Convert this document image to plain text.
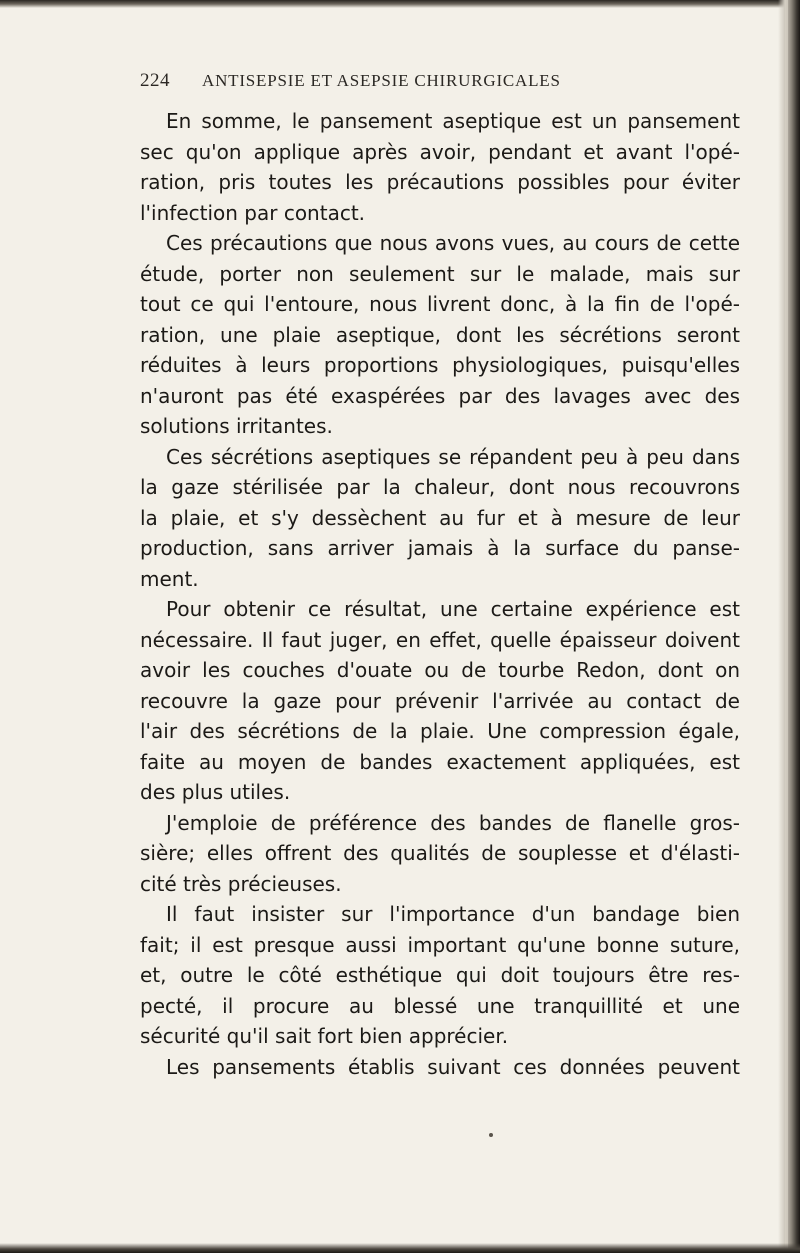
224 ANTISEPSIE ET ASEPSIE CHIRURGICALES
En somme, le pansement aseptique est un pansement
sec qu'on applique après avoir, pendant et avant l'opé-
ration, pris toutes les précautions possibles pour éviter
l'infection par contact.
Ces précautions que nous avons vues, au cours de cette
étude, porter non seulement sur le malade, mais sur
tout ce qui l'entoure, nous livrent donc, à la fin de l'opé-
ration, une plaie aseptique, dont les sécrétions seront
réduites à leurs proportions physiologiques, puisqu'elles
n'auront pas été exaspérées par des lavages avec des
solutions irritantes.
Ces sécrétions aseptiques se répandent peu à peu dans
la gaze stérilisée par la chaleur, dont nous recouvrons
la plaie, et s'y dessèchent au fur et à mesure de leur
production, sans arriver jamais à la surface du panse-
ment.
Pour obtenir ce résultat, une certaine expérience est
nécessaire. Il faut juger, en effet, quelle épaisseur doivent
avoir les couches d'ouate ou de tourbe Redon, dont on
recouvre la gaze pour prévenir l'arrivée au contact de
l'air des sécrétions de la plaie. Une compression égale,
faite au moyen de bandes exactement appliquées, est
des plus utiles.
J'emploie de préférence des bandes de flanelle gros-
sière; elles offrent des qualités de souplesse et d'élasti-
cité très précieuses.
Il faut insister sur l'importance d'un bandage bien
fait; il est presque aussi important qu'une bonne suture,
et, outre le côté esthétique qui doit toujours être res-
pecté, il procure au blessé une tranquillité et une
sécurité qu'il sait fort bien apprécier.
Les pansements établis suivant ces données peuvent
